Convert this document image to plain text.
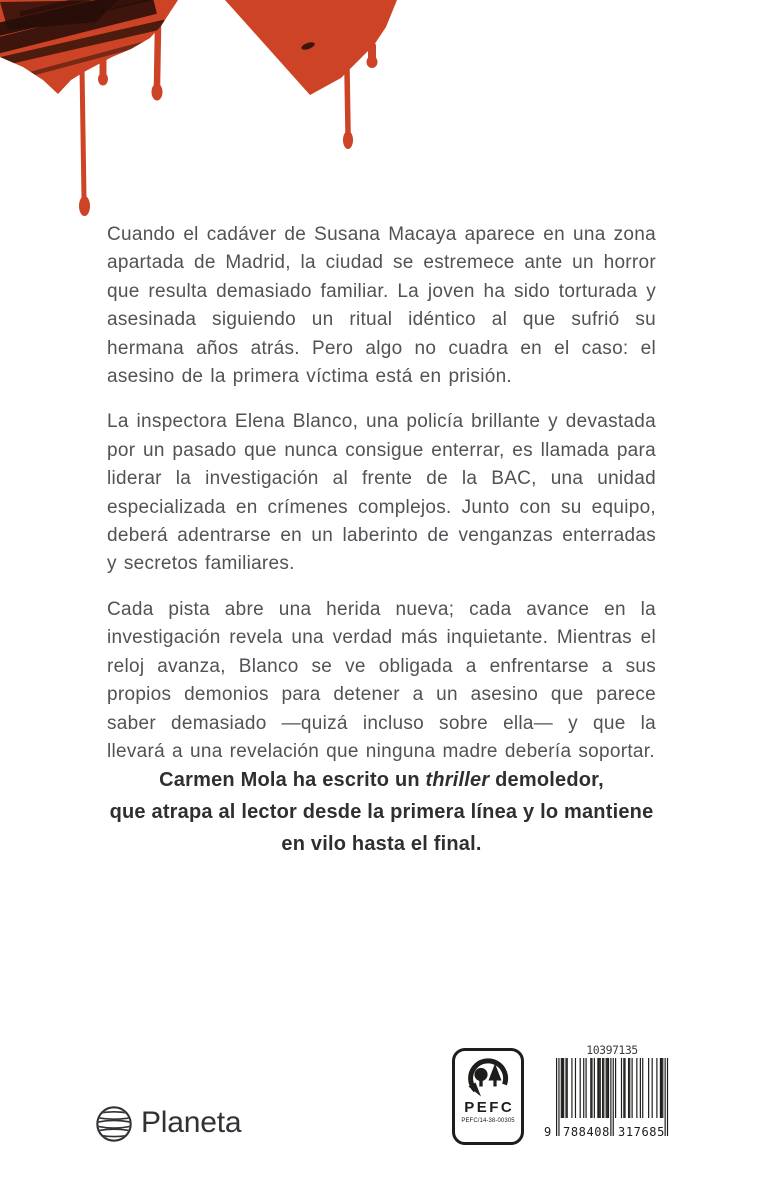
Cuando el cadáver de Susana Macaya aparece en una zona apartada de Madrid, la ciudad se estremece ante un horror que resulta demasiado familiar. La joven ha sido torturada y asesinada siguiendo un ritual idéntico al que sufrió su hermana años atrás. Pero algo no cuadra en el caso: el asesino de la primera víctima está en prisión.

La inspectora Elena Blanco, una policía brillante y devastada por un pasado que nunca consigue enterrar, es llamada para liderar la investigación al frente de la BAC, una unidad especializada en crímenes complejos. Junto con su equipo, deberá adentrarse en un laberinto de venganzas enterradas y secretos familiares.

Cada pista abre una herida nueva; cada avance en la investigación revela una verdad más inquietante. Mientras el reloj avanza, Blanco se ve obligada a enfrentarse a sus propios demonios para detener a un asesino que parece saber demasiado —quizá incluso sobre ella— y que la llevará a una revelación que ninguna madre debería soportar.

Carmen Mola ha escrito un thriller demoledor,
que atrapa al lector desde la primera línea y lo mantiene
en vilo hasta el final.
Planeta	PEFC
PEFC/14-38-00305
10397135
9 788408 317685
